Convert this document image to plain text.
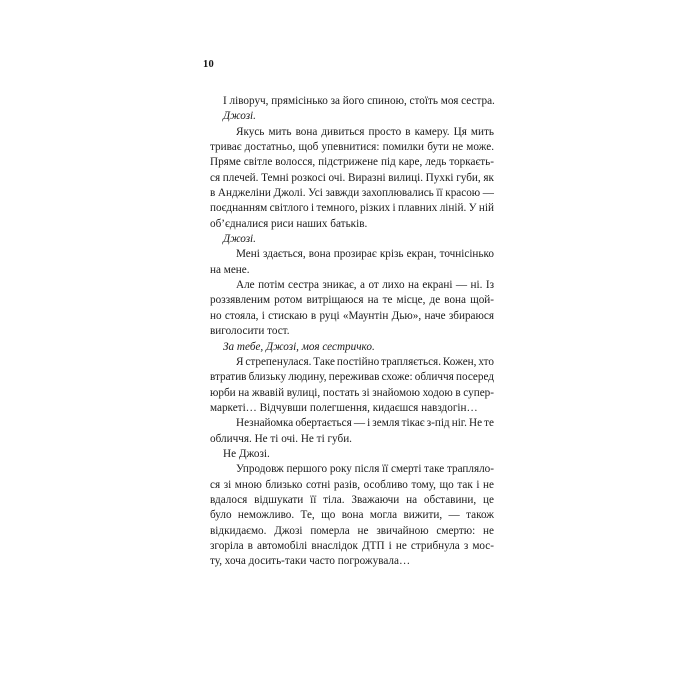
10
І ліворуч, прямісінько за його спиною, стоїть моя сестра.
Джозі.
Якусь мить вона дивиться просто в камеру. Ця мить
триває достатньо, щоб упевнитися: помилки бути не може.
Пряме світле волосся, підстрижене під каре, ледь торкаєть-
ся плечей. Темні розкосі очі. Виразні вилиці. Пухкі губи, як
в Анджеліни Джолі. Усі завжди захоплювались її красою —
поєднанням світлого і темного, різких і плавних ліній. У ній
об’єдналися риси наших батьків.
Джозі.
Мені здається, вона прозирає крізь екран, точнісінько
на мене.
Але потім сестра зникає, а от лихо на екрані — ні. Із
роззявленим ротом витріщаюся на те місце, де вона щой-
но стояла, і стискаю в руці «Маунтін Дью», наче збираюся
виголосити тост.
За тебе, Джозі, моя сестричко.
Я стрепенулася. Таке постійно трапляється. Кожен, хто
втратив близьку людину, переживав схоже: обличчя посеред
юрби на жвавій вулиці, постать зі знайомою ходою в супер-
маркеті… Відчувши полегшення, кидаєшся навздогін…
Незнайомка обертається — і земля тікає з-під ніг. Не те
обличчя. Не ті очі. Не ті губи.
Не Джозі.
Упродовж першого року після її смерті таке трапляло-
ся зі мною близько сотні разів, особливо тому, що так і не
вдалося відшукати її тіла. Зважаючи на обставини, це
було неможливо. Те, що вона могла вижити, — також
відкидаємо. Джозі померла не звичайною смертю: не
згоріла в автомобілі внаслідок ДТП і не стрибнула з мос-
ту, хоча досить-таки часто погрожувала…
